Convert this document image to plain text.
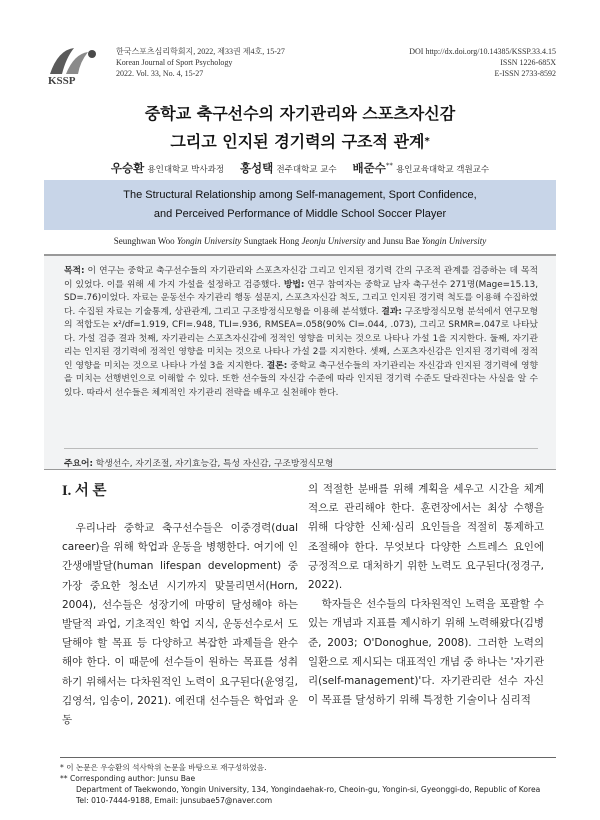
KSSP
한국스포츠심리학회지, 2022, 제33권 제4호, 15-27
Korean Journal of Sport Psychology
2022. Vol. 33, No. 4, 15-27
DOI http://dx.doi.org/10.14385/KSSP.33.4.15
ISSN 1226-685X
E-ISSN 2733-8592
중학교 축구선수의 자기관리와 스포츠자신감
그리고 인지된 경기력의 구조적 관계*
우승환 용인대학교 박사과정 홍성택 전주대학교 교수 배준수** 용인교육대학교 객원교수
The Structural Relationship among Self-management, Sport Confidence,
and Perceived Performance of Middle School Soccer Player
Seunghwan Woo Yongin University Sungtaek Hong Jeonju University and Junsu Bae Yongin University
목적: 이 연구는 중학교 축구선수들의 자기관리와 스포츠자신감 그리고 인지된 경기력 간의 구조적 관계를 검증하는 데 목적이 있었다. 이를 위해 세 가지 가설을 설정하고 검증했다. 방법: 연구 참여자는 중학교 남자 축구선수 271명(Mage=15.13, SD=.76)이었다. 자료는 운동선수 자기관리 행동 설문지, 스포츠자신감 척도, 그리고 인지된 경기력 척도를 이용해 수집하였다. 수집된 자료는 기술통계, 상관관계, 그리고 구조방정식모형을 이용해 분석했다. 결과: 구조방정식모형 분석에서 연구모형의 적합도는 x²/df=1.919, CFI=.948, TLI=.936, RMSEA=.058(90% CI=.044, .073), 그리고 SRMR=.047로 나타났다. 가설 검증 결과 첫째, 자기관리는 스포츠자신감에 정적인 영향을 미치는 것으로 나타나 가설 1을 지지한다. 둘째, 자기관리는 인지된 경기력에 정적인 영향을 미치는 것으로 나타나 가설 2를 지지한다. 셋째, 스포츠자신감은 인지된 경기력에 정적인 영향을 미치는 것으로 나타나 가설 3을 지지한다. 결론: 중학교 축구선수들의 자기관리는 자신감과 인지된 경기력에 영향을 미치는 선행변인으로 이해할 수 있다. 또한 선수들의 자신감 수준에 따라 인지된 경기력 수준도 달라진다는 사실을 알 수 있다. 따라서 선수들은 체계적인 자기관리 전략을 배우고 실천해야 한다.
주요어: 학생선수, 자기조절, 자기효능감, 특성 자신감, 구조방정식모형
I. 서 론

우리나라 중학교 축구선수들은 이중경력(dual career)을 위해 학업과 운동을 병행한다. 여기에 인간생애발달(human lifespan development) 중 가장 중요한 청소년 시기까지 맞물리면서(Horn, 2004), 선수들은 성장기에 마땅히 달성해야 하는 발달적 과업, 기초적인 학업 지식, 운동선수로서 도달해야 할 목표 등 다양하고 복잡한 과제들을 완수해야 한다. 이 때문에 선수들이 원하는 목표를 성취하기 위해서는 다차원적인 노력이 요구된다(윤영길, 김영석, 임송이, 2021). 예컨대 선수들은 학업과 운동

의 적절한 분배를 위해 계획을 세우고 시간을 체계적으로 관리해야 한다. 훈련장에서는 최상 수행을 위해 다양한 신체·심리 요인들을 적절히 통제하고 조절해야 한다. 무엇보다 다양한 스트레스 요인에 긍정적으로 대처하기 위한 노력도 요구된다(정경구, 2022).

학자들은 선수들의 다차원적인 노력을 포괄할 수 있는 개념과 지표를 제시하기 위해 노력해왔다(김병준, 2003; O'Donoghue, 2008). 그러한 노력의 일환으로 제시되는 대표적인 개념 중 하나는 '자기관리(self-management)'다. 자기관리란 선수 자신이 목표를 달성하기 위해 특정한 기술이나 심리적

* 이 논문은 우승환의 석사학위 논문을 바탕으로 재구성하였음.
** Corresponding author: Junsu Bae
Department of Taekwondo, Yongin University, 134, Yongindaehak-ro, Cheoin-gu, Yongin-si, Gyeonggi-do, Republic of Korea
Tel: 010-7444-9188, Email: junsubae57@naver.com
